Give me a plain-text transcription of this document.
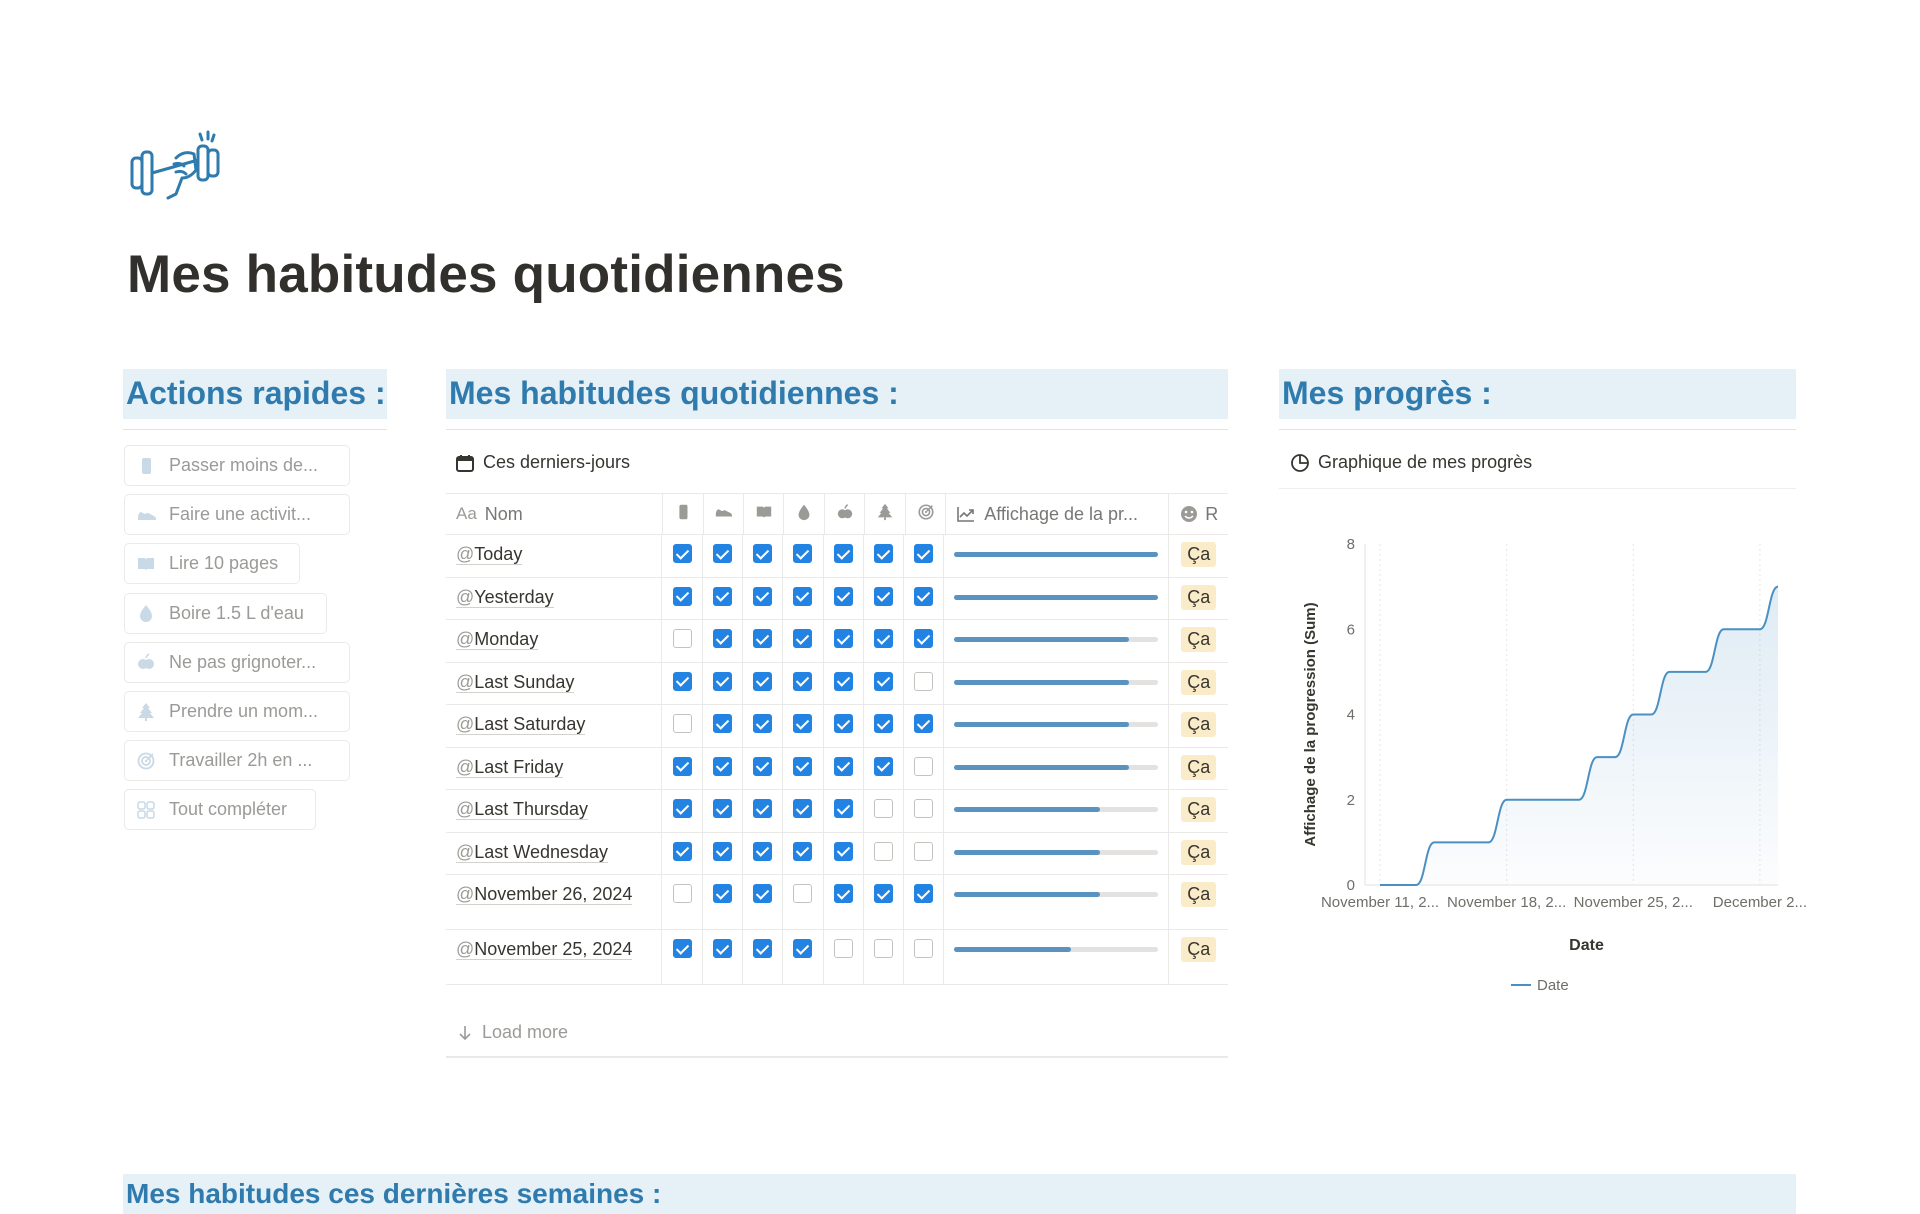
Mes habitudes quotidiennes
Actions rapides : Mes habitudes quotidiennes :	Mes progrès :
Passer moins de...
Faire une activit...
Lire 10 pages
Boire 1.5 L d'eau
Ne pas grignoter...
Prendre un mom...
Travailler 2h en ...
Tout compléter
Ces derniers-jours
Aa Nom	Affichage de la pr...	R
@Today	Ça
@Yesterday	Ça
@Monday	Ça
@Last Sunday	Ça
@Last Saturday	Ça
@Last Friday	Ça
@Last Thursday	Ça
@Last Wednesday	Ça
@November 26, 2024	Ça
@November 25, 2024	Ça
Load more
Graphique de mes progrès
November 11, 2... November 18, 2... November 25, 2... December 2...
0
2
4
6
8
Date
Affichage de la progression (Sum)
Date
Mes habitudes ces dernières semaines :
